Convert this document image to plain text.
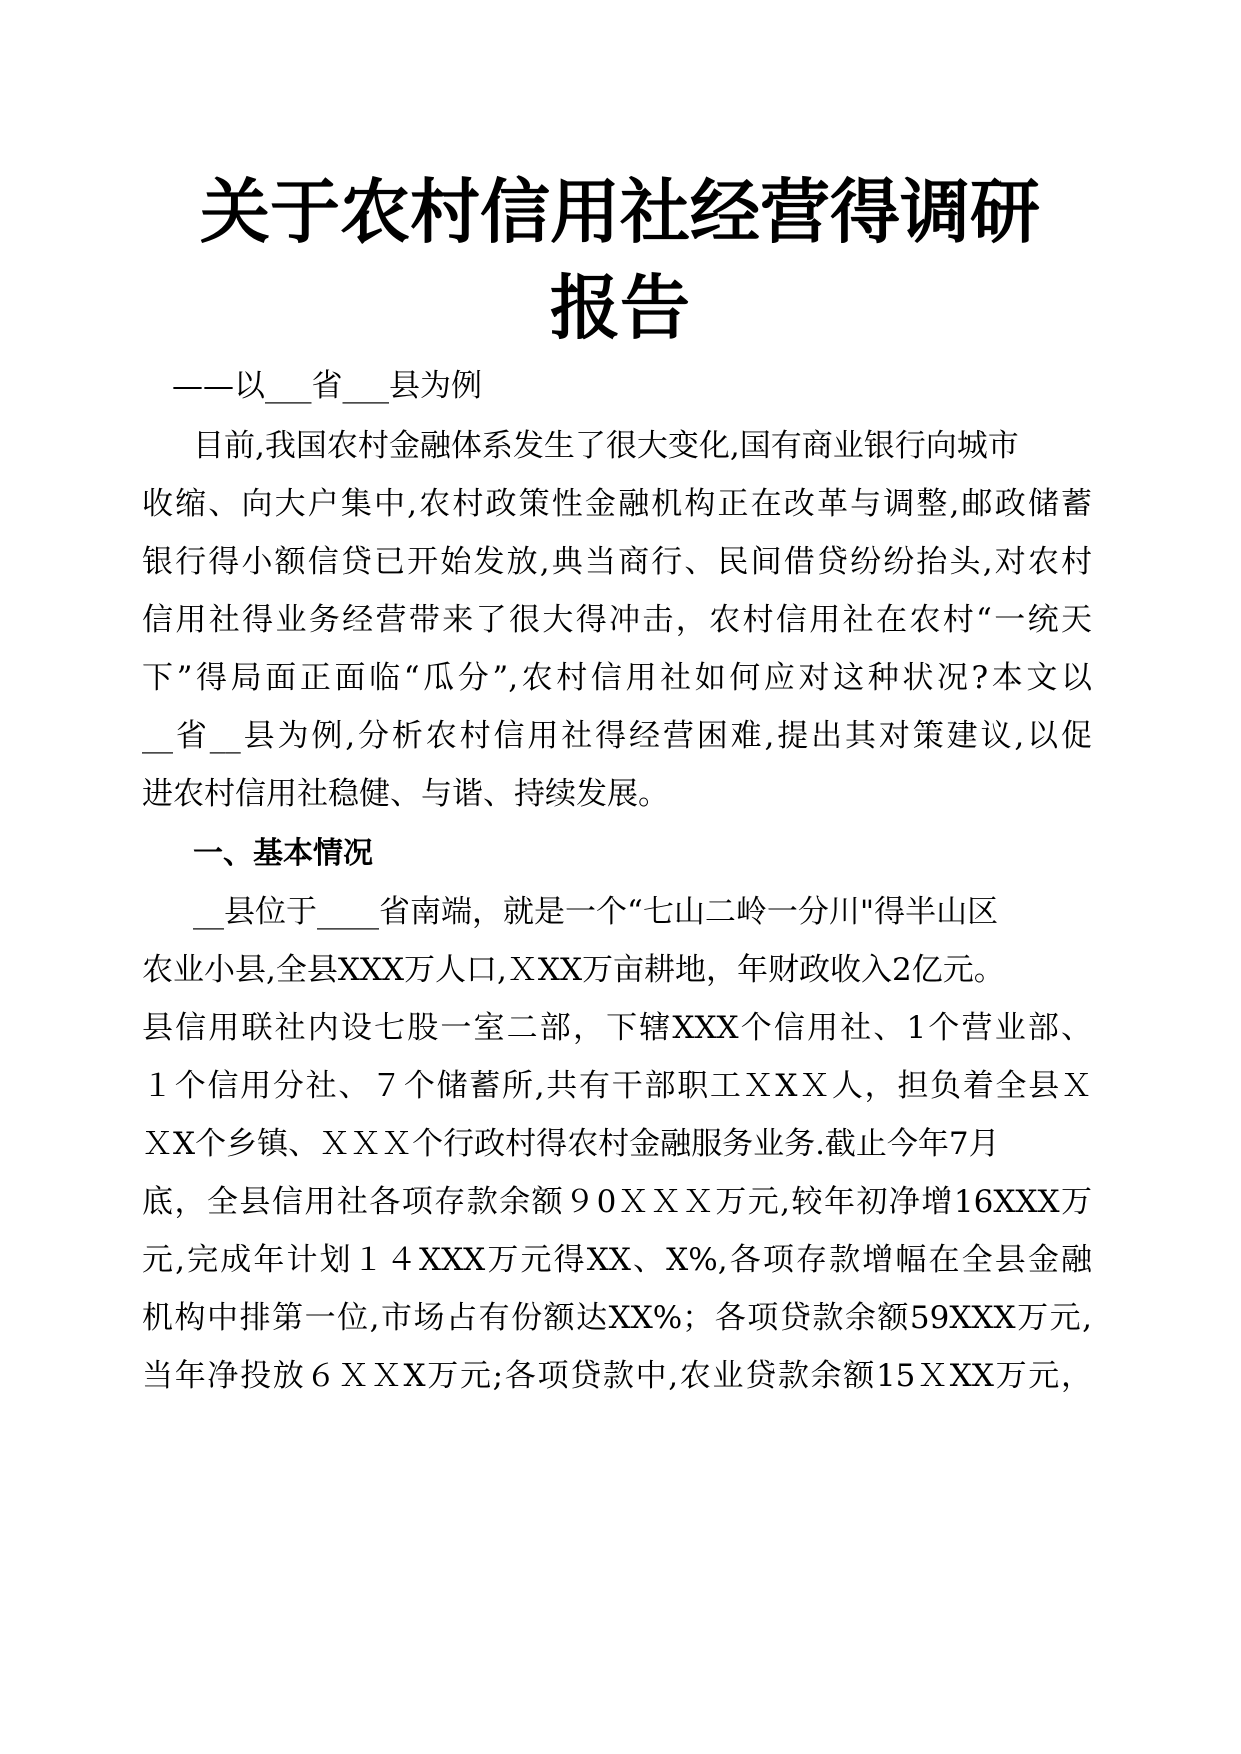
关于农村信用社经营得调研
报告
——以___省___县为例
目前,我国农村金融体系发生了很大变化,国有商业银行向城市
收缩、向大户集中,农村政策性金融机构正在改革与调整,邮政储蓄
银行得小额信贷已开始发放,典当商行、民间借贷纷纷抬头,对农村
信用社得业务经营带来了很大得冲击，农村信用社在农村“一统天
下”得局面正面临“瓜分”,农村信用社如何应对这种状况?本文以
__省__县为例,分析农村信用社得经营困难,提出其对策建议,以促
进农村信用社稳健、与谐、持续发展。
一、基本情况
__县位于____省南端，就是一个“七山二岭一分川"得半山区
农业小县,全县XXX万人口,ＸXX万亩耕地，年财政收入2亿元。
县信用联社内设七股一室二部，下辖XXX个信用社、1个营业部、
１个信用分社、７个储蓄所,共有干部职工ＸXＸ人，担负着全县Ｘ
ＸX个乡镇、ＸＸＸ个行政村得农村金融服务业务.截止今年7月
底，全县信用社各项存款余额９0ＸＸＸ万元,较年初净增16XXX万
元,完成年计划１４XXX万元得XX、X%,各项存款增幅在全县金融
机构中排第一位,市场占有份额达XX%；各项贷款余额59XXX万元,
当年净投放６ＸＸX万元;各项贷款中,农业贷款余额15ＸXX万元，
